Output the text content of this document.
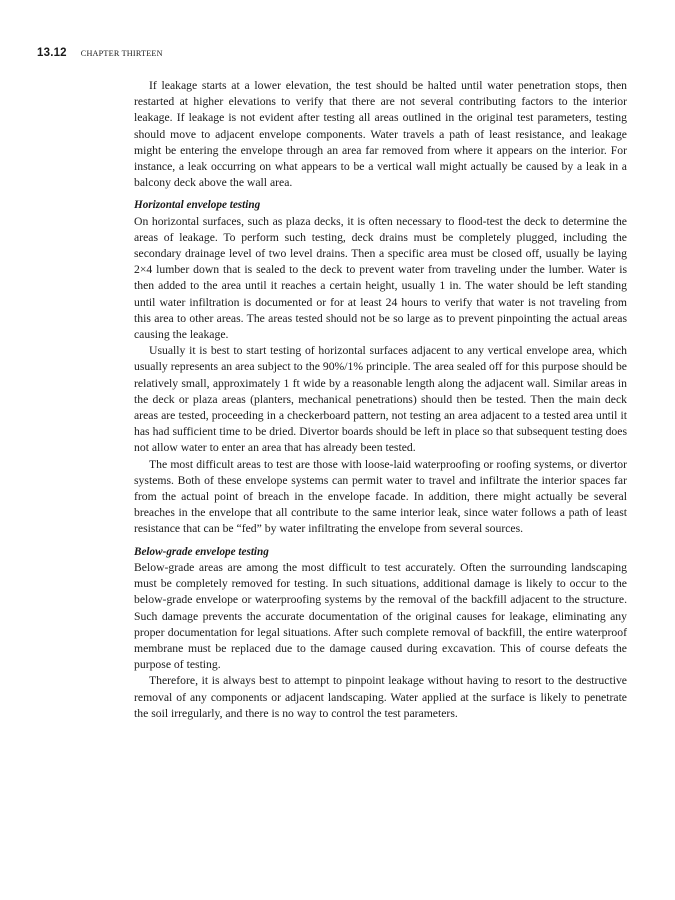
13.12 CHAPTER THIRTEEN

If leakage starts at a lower elevation, the test should be halted until water penetration stops, then restarted at higher elevations to verify that there are not several contributing factors to the interior leakage. If leakage is not evident after testing all areas outlined in the original test parameters, testing should move to adjacent envelope components. Water travels a path of least resistance, and leakage might be entering the envelope through an area far removed from where it appears on the interior. For instance, a leak occurring on what appears to be a vertical wall might actually be caused by a leak in a balcony deck above the wall area.

Horizontal envelope testing

On horizontal surfaces, such as plaza decks, it is often necessary to flood-test the deck to determine the areas of leakage. To perform such testing, deck drains must be completely plugged, including the secondary drainage level of two level drains. Then a specific area must be closed off, usually be laying 2×4 lumber down that is sealed to the deck to prevent water from traveling under the lumber. Water is then added to the area until it reaches a certain height, usually 1 in. The water should be left standing until water infiltration is documented or for at least 24 hours to verify that water is not traveling from this area to other areas. The areas tested should not be so large as to prevent pinpointing the actual areas causing the leakage.

Usually it is best to start testing of horizontal surfaces adjacent to any vertical envelope area, which usually represents an area subject to the 90%/1% principle. The area sealed off for this purpose should be relatively small, approximately 1 ft wide by a reasonable length along the adjacent wall. Similar areas in the deck or plaza areas (planters, mechanical penetrations) should then be tested. Then the main deck areas are tested, proceeding in a checkerboard pattern, not testing an area adjacent to a tested area until it has had sufficient time to be dried. Divertor boards should be left in place so that subsequent testing does not allow water to enter an area that has already been tested.

The most difficult areas to test are those with loose-laid waterproofing or roofing systems, or divertor systems. Both of these envelope systems can permit water to travel and infiltrate the interior spaces far from the actual point of breach in the envelope facade. In addition, there might actually be several breaches in the envelope that all contribute to the same interior leak, since water follows a path of least resistance that can be “fed” by water infiltrating the envelope from several sources.

Below-grade envelope testing

Below-grade areas are among the most difficult to test accurately. Often the surrounding landscaping must be completely removed for testing. In such situations, additional damage is likely to occur to the below-grade envelope or waterproofing systems by the removal of the backfill adjacent to the structure. Such damage prevents the accurate documentation of the original causes for leakage, eliminating any proper documentation for legal situations. After such complete removal of backfill, the entire waterproof membrane must be replaced due to the damage caused during excavation. This of course defeats the purpose of testing.

Therefore, it is always best to attempt to pinpoint leakage without having to resort to the destructive removal of any components or adjacent landscaping. Water applied at the surface is likely to penetrate the soil irregularly, and there is no way to control the test parameters.
